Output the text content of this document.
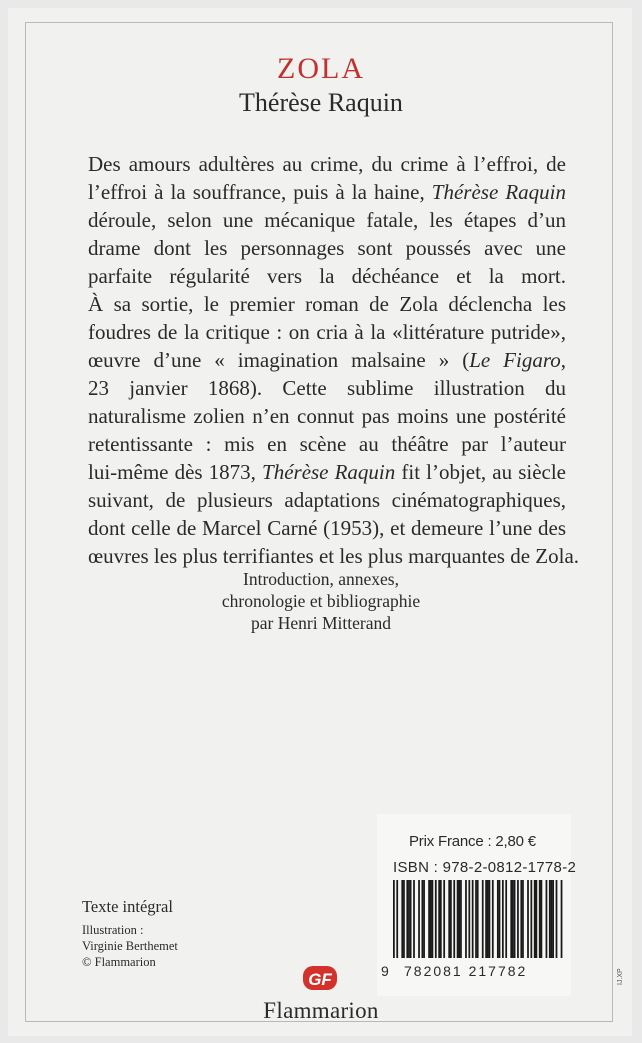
ZOLA
Thérèse Raquin

Des amours adultères au crime, du crime à l’effroi, de
l’effroi à la souffrance, puis à la haine, Thérèse Raquin
déroule, selon une mécanique fatale, les étapes d’un
drame dont les personnages sont poussés avec une
parfaite régularité vers la déchéance et la mort.
À sa sortie, le premier roman de Zola déclencha les
foudres de la critique : on cria à la «littérature putride»,
œuvre d’une « imagination malsaine » (Le Figaro,
23 janvier 1868). Cette sublime illustration du
naturalisme zolien n’en connut pas moins une postérité
retentissante : mis en scène au théâtre par l’auteur
lui-même dès 1873, Thérèse Raquin fit l’objet, au siècle
suivant, de plusieurs adaptations cinématographiques,
dont celle de Marcel Carné (1953), et demeure l’une des
œuvres les plus terrifiantes et les plus marquantes de Zola.

Introduction, annexes,
chronologie et bibliographie
par Henri Mitterand
Prix France : 2,80 €
ISBN : 978-2-0812-1778-2
9 782081 217782
Texte intégral
Illustration :
Virginie Berthemet
© Flammarion
GF
Flammarion
IJ.XP
